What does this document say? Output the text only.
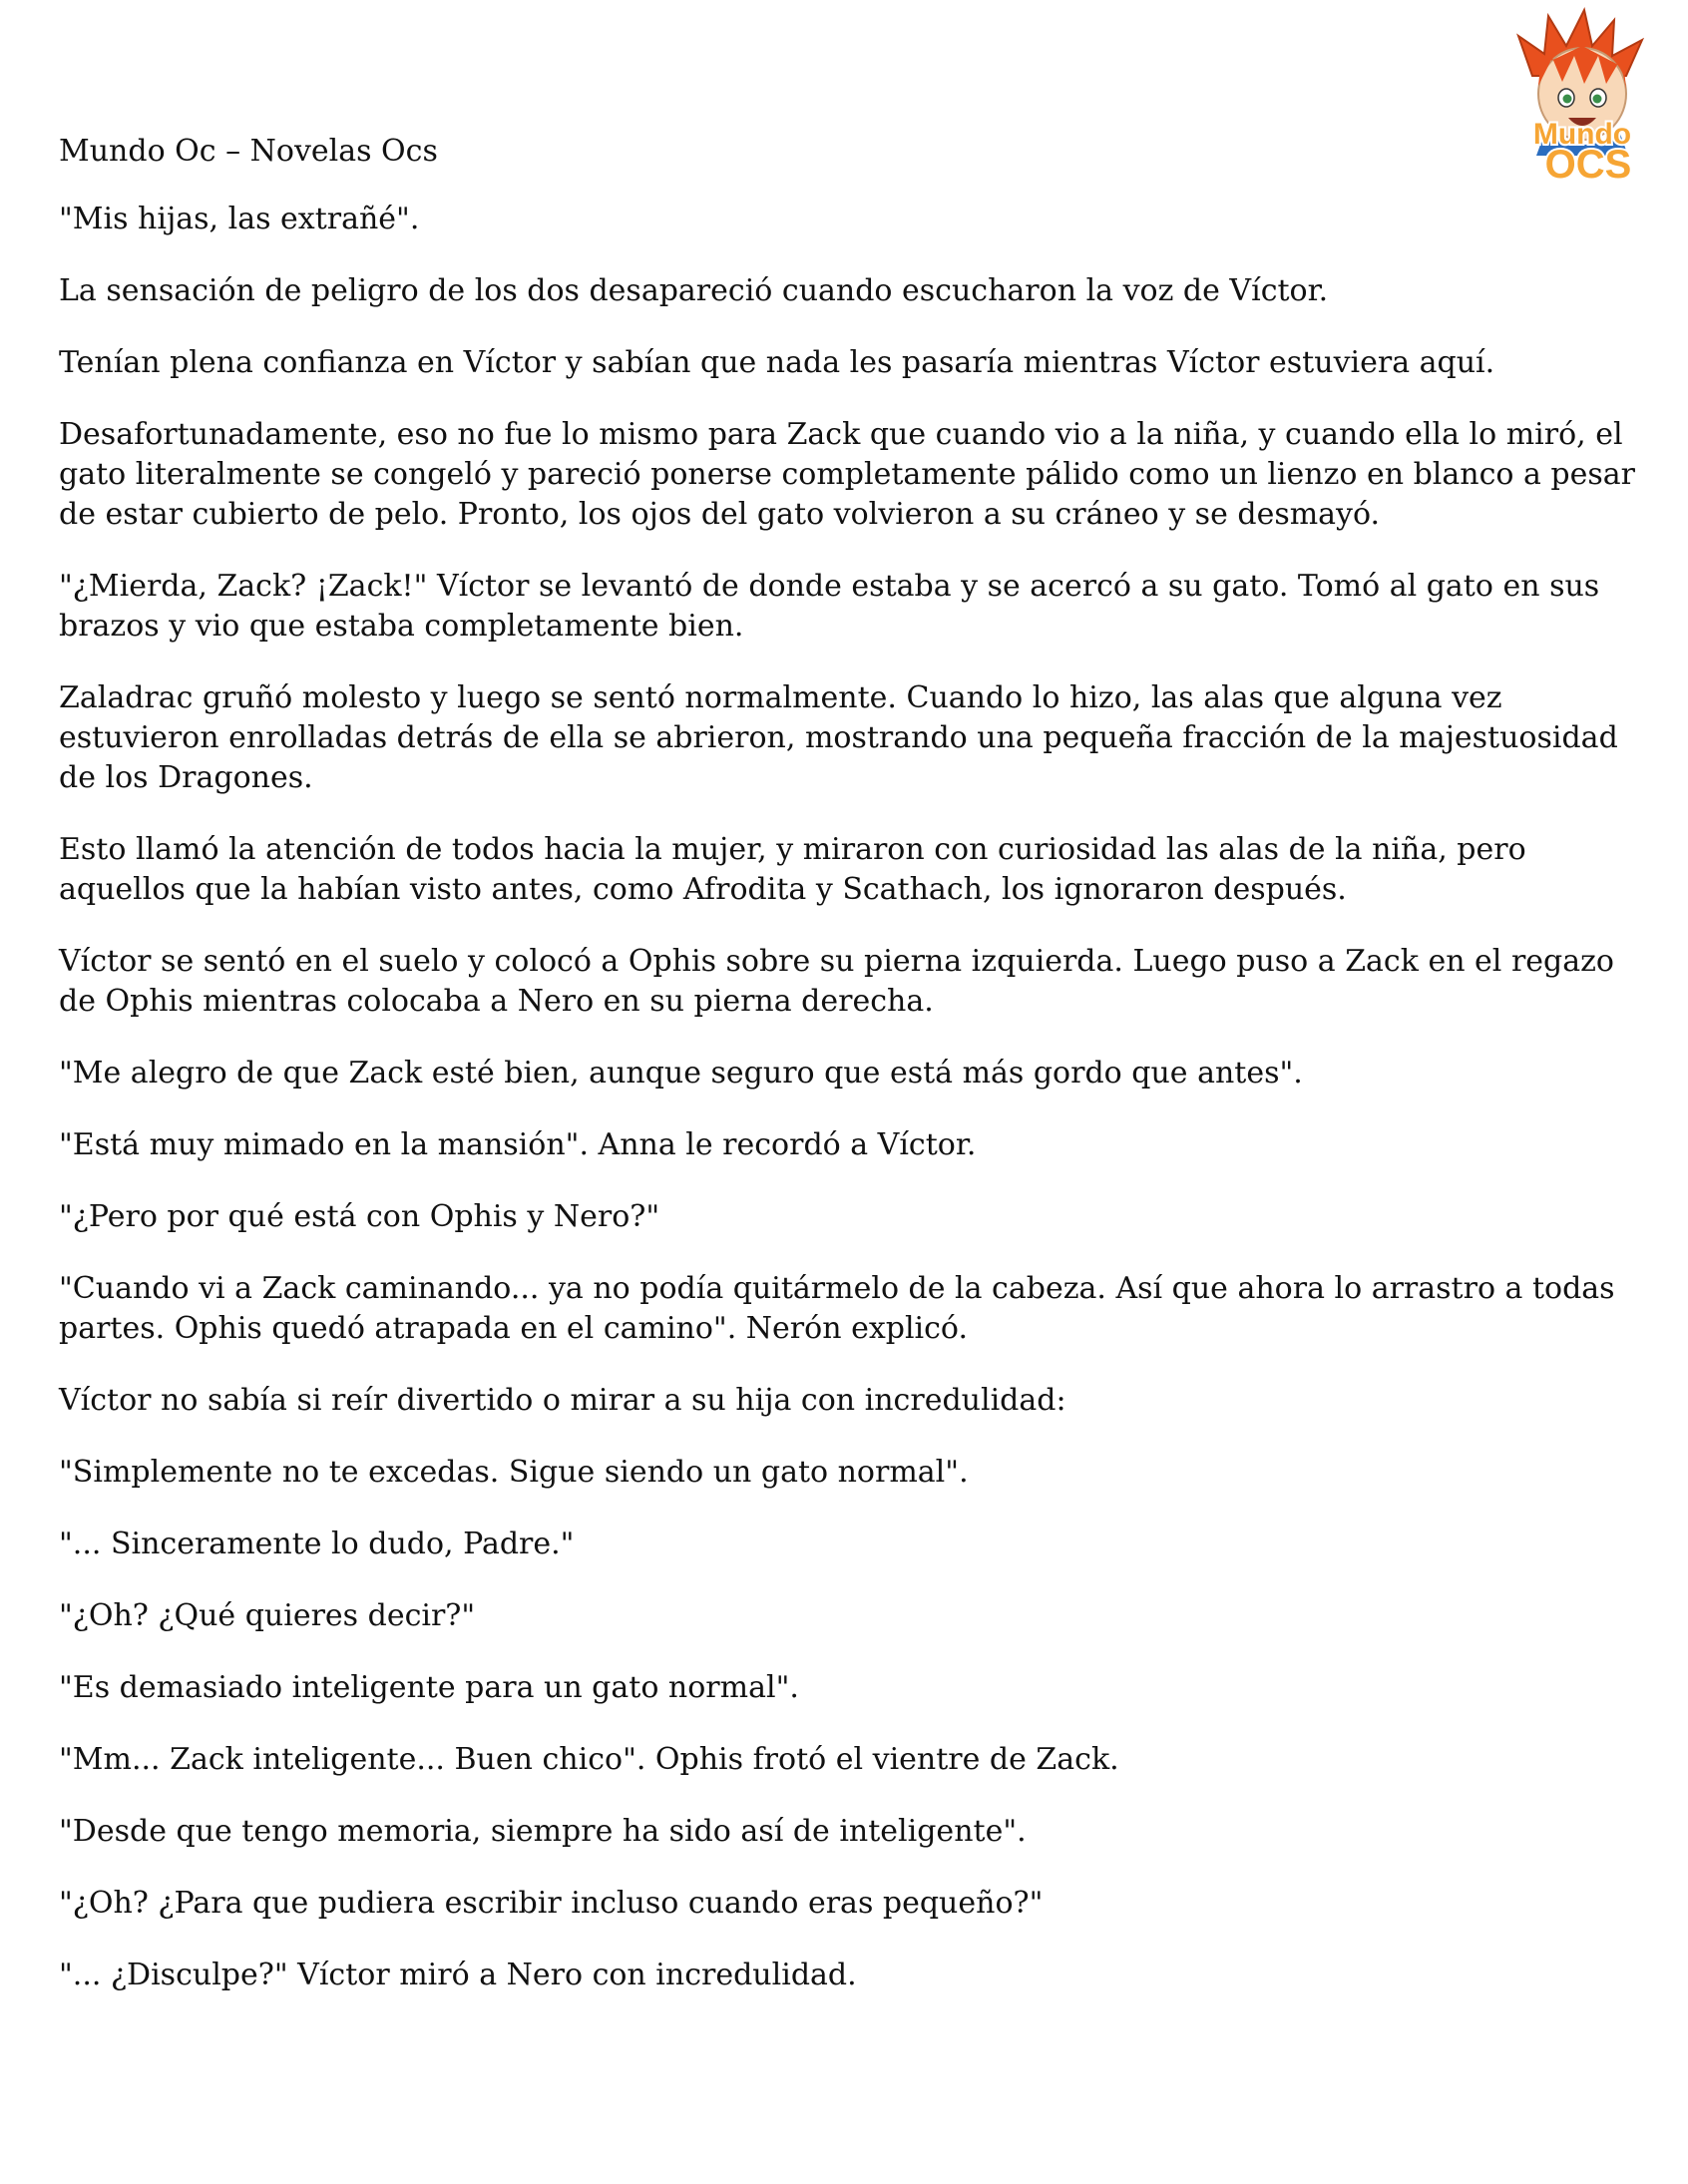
Mundo Oc – Novelas Ocs	Mundo
OCS

"Mis hijas, las extrañé".

La sensación de peligro de los dos desapareció cuando escucharon la voz de Víctor.

Tenían plena confianza en Víctor y sabían que nada les pasaría mientras Víctor estuviera aquí.

Desafortunadamente, eso no fue lo mismo para Zack que cuando vio a la niña, y cuando ella lo miró, el gato literalmente se congeló y pareció ponerse completamente pálido como un lienzo en blanco a pesar de estar cubierto de pelo. Pronto, los ojos del gato volvieron a su cráneo y se desmayó.

"¿Mierda, Zack? ¡Zack!" Víctor se levantó de donde estaba y se acercó a su gato. Tomó al gato en sus brazos y vio que estaba completamente bien.

Zaladrac gruñó molesto y luego se sentó normalmente. Cuando lo hizo, las alas que alguna vez estuvieron enrolladas detrás de ella se abrieron, mostrando una pequeña fracción de la majestuosidad de los Dragones.

Esto llamó la atención de todos hacia la mujer, y miraron con curiosidad las alas de la niña, pero aquellos que la habían visto antes, como Afrodita y Scathach, los ignoraron después.

Víctor se sentó en el suelo y colocó a Ophis sobre su pierna izquierda. Luego puso a Zack en el regazo de Ophis mientras colocaba a Nero en su pierna derecha.

"Me alegro de que Zack esté bien, aunque seguro que está más gordo que antes".

"Está muy mimado en la mansión". Anna le recordó a Víctor.

"¿Pero por qué está con Ophis y Nero?"

"Cuando vi a Zack caminando... ya no podía quitármelo de la cabeza. Así que ahora lo arrastro a todas partes. Ophis quedó atrapada en el camino". Nerón explicó.

Víctor no sabía si reír divertido o mirar a su hija con incredulidad:

"Simplemente no te excedas. Sigue siendo un gato normal".

"... Sinceramente lo dudo, Padre."

"¿Oh? ¿Qué quieres decir?"

"Es demasiado inteligente para un gato normal".

"Mm... Zack inteligente... Buen chico". Ophis frotó el vientre de Zack.

"Desde que tengo memoria, siempre ha sido así de inteligente".

"¿Oh? ¿Para que pudiera escribir incluso cuando eras pequeño?"

"... ¿Disculpe?" Víctor miró a Nero con incredulidad.
